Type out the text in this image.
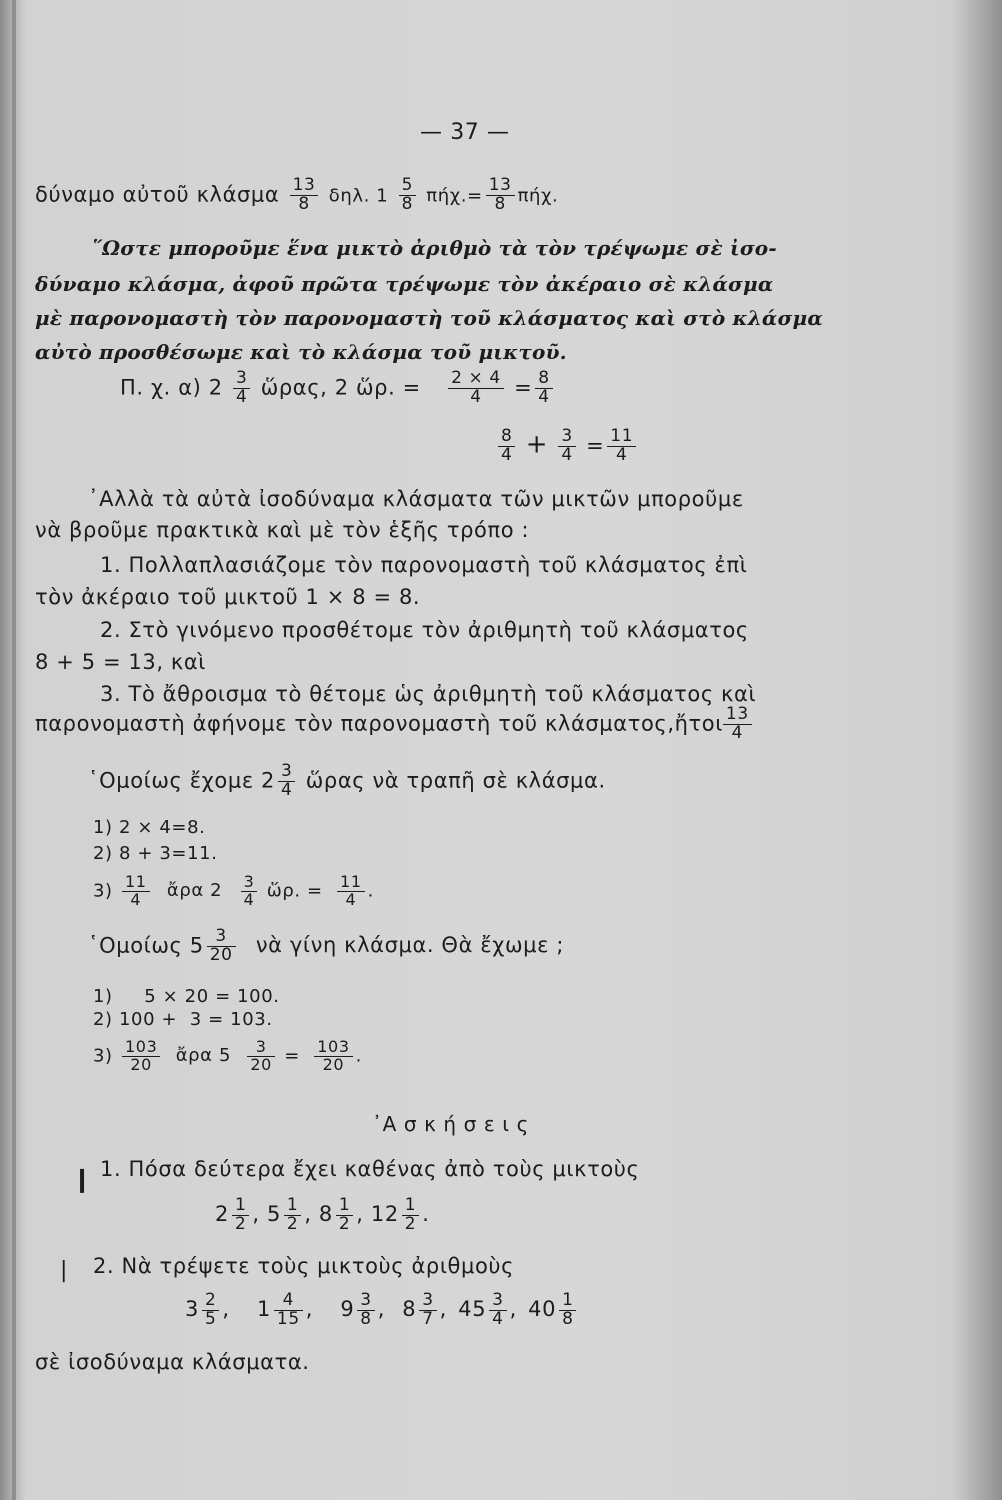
— 37 —
δύναμο αὐτοῦ κλάσμα $\frac{13}{8} \delta\eta\lambda$. $1 \frac{5}{8} \pi ή\chi.= \frac{13}{8} \pi ή\chi$.
῞Ωστε μποροῦμε ἕνα μικτὸ ἀριθμὸ τὰ τὸν τρέψωμε σὲ ἰσο-
δύναμο κλάσμα, ἀφοῦ πρῶτα τρέψωμε τὸν ἀκέραιο σὲ κλάσμα
μὲ παρονομαστὴ τὸν παρονομαστὴ τοῦ κλάσματος καὶ στὸ κλάσμα
αὐτὸ προσθέσωμε καὶ τὸ κλάσμα τοῦ μικτοῦ.
Π. χ. α) $2 \frac{3}{4}$ ὥρας, 2 ὥρ. = $\frac{2 \times 4}{4} = \frac{8}{4}$
$\frac{8}{4} + \frac{3}{4} = \frac{11}{4}$
᾿Αλλὰ τὰ αὐτὰ ἰσοδύναμα κλάσματα τῶν μικτῶν μποροῦμε
νὰ βροῦμε πρακτικὰ καὶ μὲ τὸν ἑξῆς τρόπο :
1. Πολλαπλασιάζομε τὸν παρονομαστὴ τοῦ κλάσματος ἐπὶ
τὸν ἀκέραιο τοῦ μικτοῦ 1 × 8 = 8.
2. Στὸ γινόμενο προσθέτομε τὸν ἀριθμητὴ τοῦ κλάσματος
8 + 5 = 13, καὶ
3. Τὸ ἄθροισμα τὸ θέτομε ὡς ἀριθμητὴ τοῦ κλάσματος καὶ
παρονομαστὴ ἀφήνομε τὸν παρονομαστὴ τοῦ κλάσματος,ἤτοι $\frac{13}{4}$
῾Ομοίως ἔχομε $2 \frac{3}{4}$ ὥρας νὰ τραπῆ σὲ κλάσμα.
1) 2 × 4=8.
2) 8 + 3=11.
$3) \frac{11}{4}$ ἄρα $2 \frac{3}{4}$ ὥρ. = $\frac{11}{4}$ .
῾Ομοίως $5 \frac{3}{20}$ νὰ γίνη κλάσμα. Θὰ ἔχωμε ;
1)     5 × 20 = 100.
2) 100 +  3 = 103.
$3) \frac{103}{20}$ ἄρα $5 \frac{3}{20} = \frac{103}{20}$ .
᾿Α σ κ ή σ ε ι ς
❙ 1. Πόσα δεύτερα ἔχει καθένας ἀπὸ τοὺς μικτοὺς
$2 \frac{1}{2}$ , $5 \frac{1}{2}$ , $8 \frac{1}{2}$ , $12 \frac{1}{2}$ .
| 2. Νὰ τρέψετε τοὺς μικτοὺς ἀριθμοὺς
$3 \frac{2}{5}$ , $1 \frac{4}{15}$ , $9 \frac{3}{8}$ , $8 \frac{3}{7}$ , $45 \frac{3}{4}$ , $40 \frac{1}{8}$
σὲ ἰσοδύναμα κλάσματα.
